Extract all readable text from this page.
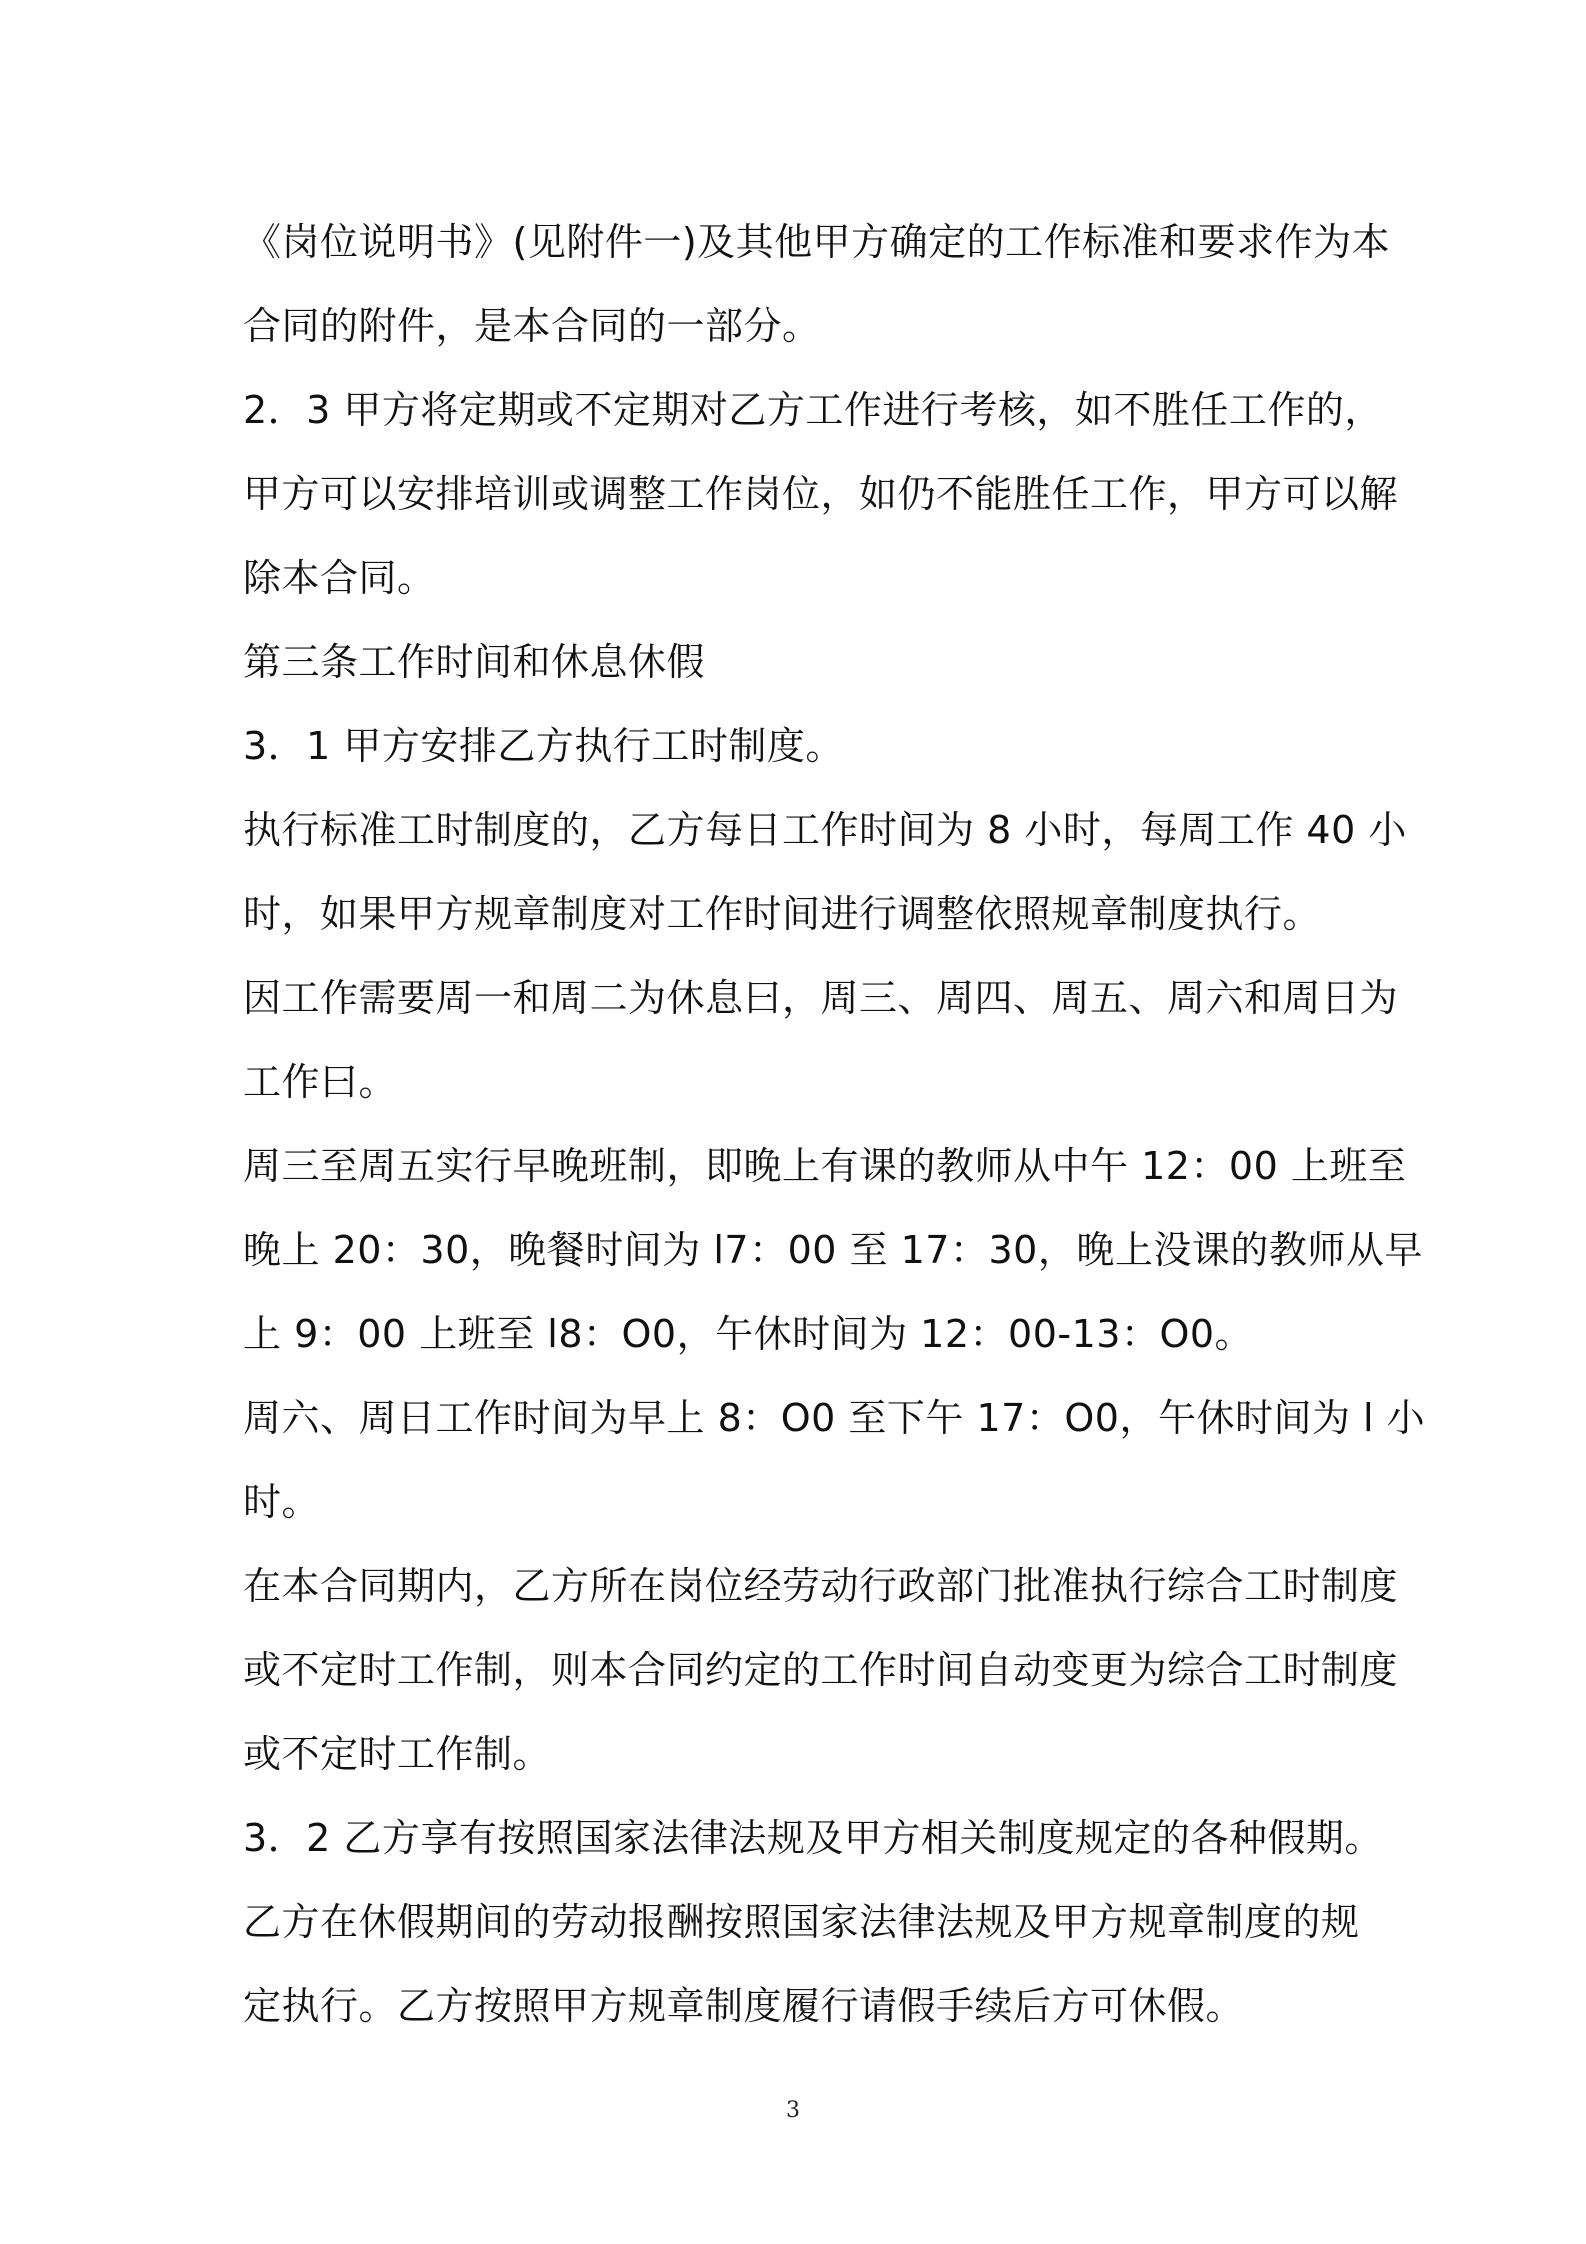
《岗位说明书》(见附件一)及其他甲方确定的工作标准和要求作为本
合同的附件，是本合同的一部分。
2．3 甲方将定期或不定期对乙方工作进行考核，如不胜任工作的，
甲方可以安排培训或调整工作岗位，如仍不能胜任工作，甲方可以解
除本合同。
第三条工作时间和休息休假
3．1 甲方安排乙方执行工时制度。
执行标准工时制度的，乙方每日工作时间为 8 小时，每周工作 40 小
时，如果甲方规章制度对工作时间进行调整依照规章制度执行。
因工作需要周一和周二为休息曰，周三、周四、周五、周六和周日为
工作曰。
周三至周五实行早晚班制，即晚上有课的教师从中午 12：00 上班至
晚上 20：30，晚餐时间为 l7：00 至 17：30，晚上没课的教师从早
上 9：00 上班至 l8：O0，午休时间为 12：00-13：O0。
周六、周日工作时间为早上 8：O0 至下午 17：O0，午休时间为 l 小
时。
在本合同期内，乙方所在岗位经劳动行政部门批准执行综合工时制度
或不定时工作制，则本合同约定的工作时间自动变更为综合工时制度
或不定时工作制。
3．2 乙方享有按照国家法律法规及甲方相关制度规定的各种假期。
乙方在休假期间的劳动报酬按照国家法律法规及甲方规章制度的规
定执行。乙方按照甲方规章制度履行请假手续后方可休假。
3
